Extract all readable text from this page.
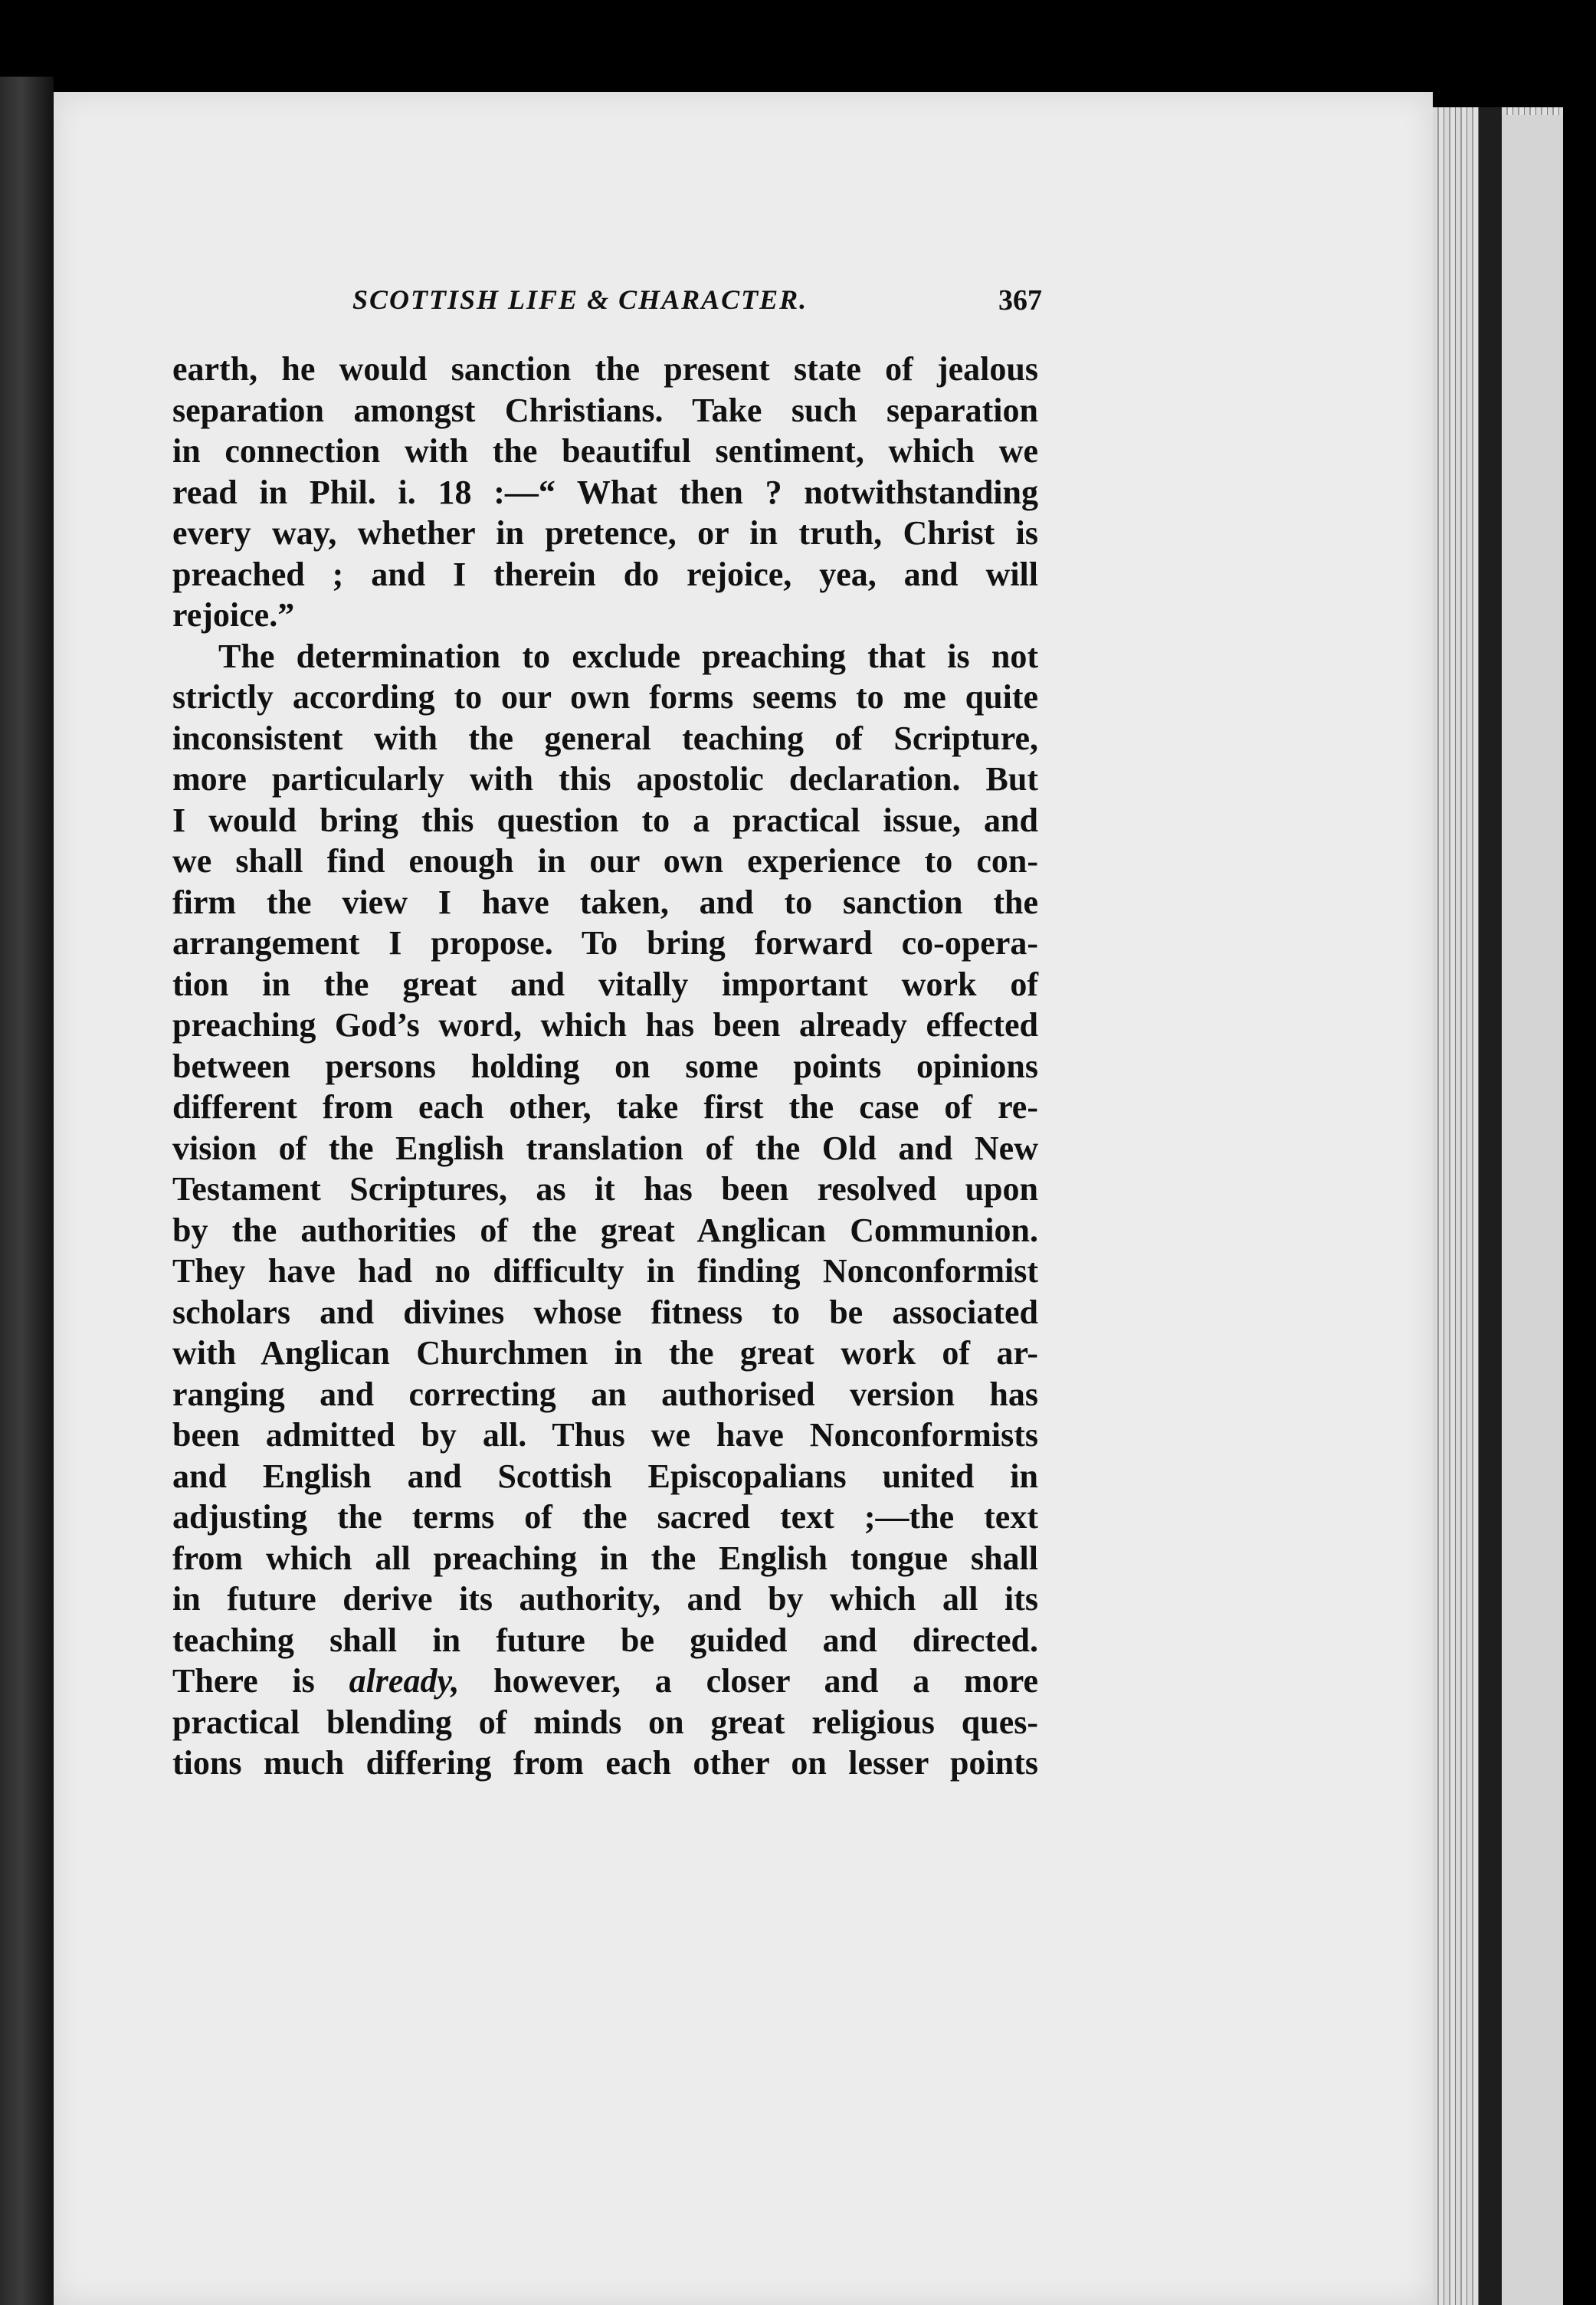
SCOTTISH LIFE & CHARACTER.	367
earth, he would sanction the present state of jealous
separation amongst Christians. Take such separation
in connection with the beautiful sentiment, which we
read in Phil. i. 18 :—“ What then ? notwithstanding
every way, whether in pretence, or in truth, Christ is
preached ; and I therein do rejoice, yea, and will
rejoice.”
The determination to exclude preaching that is not
strictly according to our own forms seems to me quite
inconsistent with the general teaching of Scripture,
more particularly with this apostolic declaration. But
I would bring this question to a practical issue, and
we shall find enough in our own experience to con-
firm the view I have taken, and to sanction the
arrangement I propose. To bring forward co-opera-
tion in the great and vitally important work of
preaching God’s word, which has been already effected
between persons holding on some points opinions
different from each other, take first the case of re-
vision of the English translation of the Old and New
Testament Scriptures, as it has been resolved upon
by the authorities of the great Anglican Communion.
They have had no difficulty in finding Nonconformist
scholars and divines whose fitness to be associated
with Anglican Churchmen in the great work of ar-
ranging and correcting an authorised version has
been admitted by all. Thus we have Nonconformists
and English and Scottish Episcopalians united in
adjusting the terms of the sacred text ;—the text
from which all preaching in the English tongue shall
in future derive its authority, and by which all its
teaching shall in future be guided and directed.
There is already, however, a closer and a more
practical blending of minds on great religious ques-
tions much differing from each other on lesser points
